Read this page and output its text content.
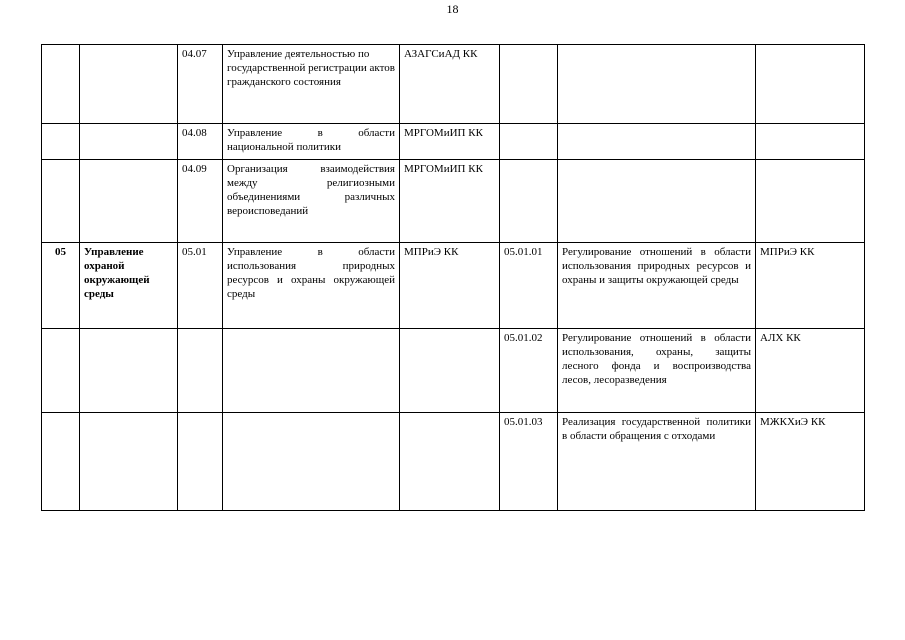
18
		04.07	Управление деятельностью по государственной регистрации актов гражданского состояния	АЗАГСиАД КК			
		04.08	Управление в области национальной политики	МРГОМиИП КК			
		04.09	Организация взаимодействия между религиозными объединениями различных вероисповеданий	МРГОМиИП КК			
05	Управление охраной окружающей среды	05.01	Управление в области использования природных ресурсов и охраны окружающей среды	МПРиЭ КК	05.01.01	Регулирование отношений в области использования природных ресурсов и охраны и защиты окружающей среды	МПРиЭ КК
					05.01.02	Регулирование отношений в области использования, охраны, защиты лесного фонда и воспроизводства лесов, лесоразведения	АЛХ КК
					05.01.03	Реализация государственной политики в области обращения с отходами	МЖКХиЭ КК
